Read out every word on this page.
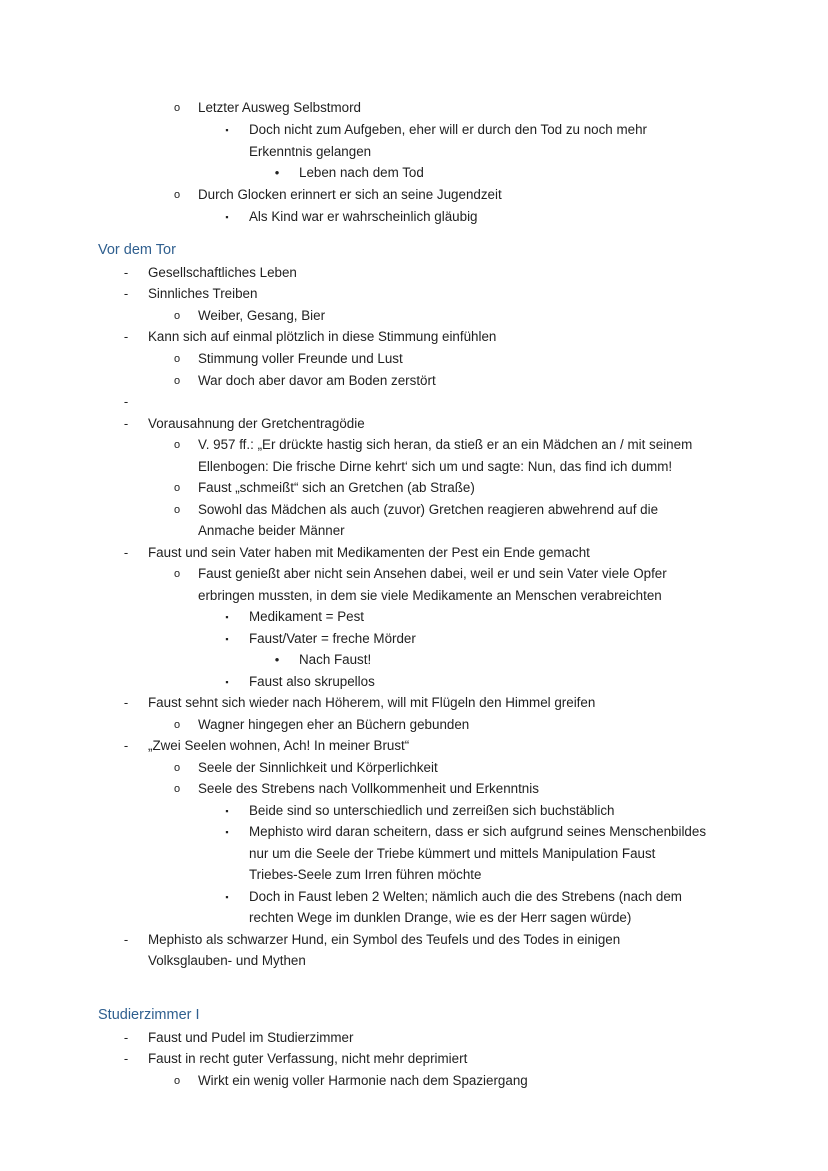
o	Letzter Ausweg Selbstmord
▪	Doch nicht zum Aufgeben, eher will er durch den Tod zu noch mehr
Erkenntnis gelangen
•	Leben nach dem Tod
o	Durch Glocken erinnert er sich an seine Jugendzeit
▪	Als Kind war er wahrscheinlich gläubig
Vor dem Tor
-	Gesellschaftliches Leben
-	Sinnliches Treiben
o	Weiber, Gesang, Bier
-	Kann sich auf einmal plötzlich in diese Stimmung einfühlen
o	Stimmung voller Freunde und Lust
o	War doch aber davor am Boden zerstört
-
-	Vorausahnung der Gretchentragödie
o	V. 957 ff.: „Er drückte hastig sich heran, da stieß er an ein Mädchen an / mit seinem
Ellenbogen: Die frische Dirne kehrt‘ sich um und sagte: Nun, das find ich dumm!
o	Faust „schmeißt“ sich an Gretchen (ab Straße)
o	Sowohl das Mädchen als auch (zuvor) Gretchen reagieren abwehrend auf die
Anmache beider Männer
-	Faust und sein Vater haben mit Medikamenten der Pest ein Ende gemacht
o	Faust genießt aber nicht sein Ansehen dabei, weil er und sein Vater viele Opfer
erbringen mussten, in dem sie viele Medikamente an Menschen verabreichten
▪	Medikament = Pest
▪	Faust/Vater = freche Mörder
•	Nach Faust!
▪	Faust also skrupellos
-	Faust sehnt sich wieder nach Höherem, will mit Flügeln den Himmel greifen
o	Wagner hingegen eher an Büchern gebunden
-	„Zwei Seelen wohnen, Ach! In meiner Brust“
o	Seele der Sinnlichkeit und Körperlichkeit
o	Seele des Strebens nach Vollkommenheit und Erkenntnis
▪	Beide sind so unterschiedlich und zerreißen sich buchstäblich
▪	Mephisto wird daran scheitern, dass er sich aufgrund seines Menschenbildes
nur um die Seele der Triebe kümmert und mittels Manipulation Faust
Triebes-Seele zum Irren führen möchte
▪	Doch in Faust leben 2 Welten; nämlich auch die des Strebens (nach dem
rechten Wege im dunklen Drange, wie es der Herr sagen würde)
-	Mephisto als schwarzer Hund, ein Symbol des Teufels und des Todes in einigen
Volksglauben- und Mythen
Studierzimmer I
-	Faust und Pudel im Studierzimmer
-	Faust in recht guter Verfassung, nicht mehr deprimiert
o	Wirkt ein wenig voller Harmonie nach dem Spaziergang
